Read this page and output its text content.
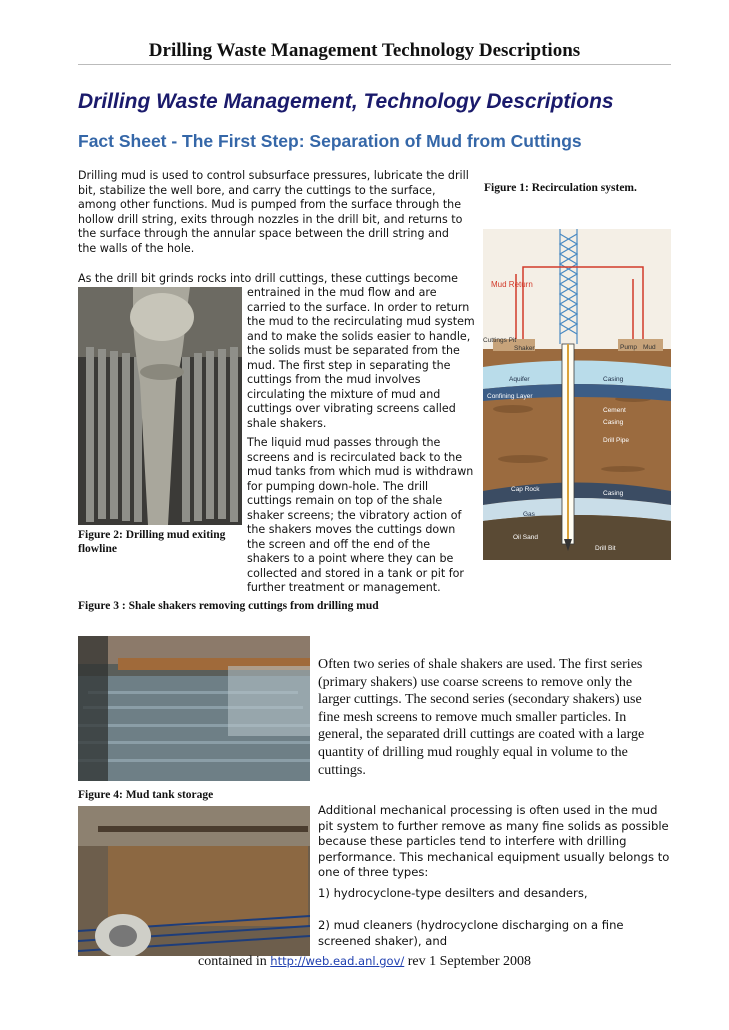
Drilling Waste Management Technology Descriptions
Drilling Waste Management, Technology Descriptions
Fact Sheet - The First Step: Separation of Mud from Cuttings
Drilling mud is used to control subsurface pressures, lubricate the drill bit, stabilize the well bore, and carry the cuttings to the surface, among other functions. Mud is pumped from the surface through the hollow drill string, exits through nozzles in the drill bit, and returns to the surface through the annular space between the drill string and the walls of the hole.
As the drill bit grinds rocks into drill cuttings, these cuttings become
Figure 1: Recirculation system.
Mud Return
Cuttings Pit
Shaker	Pump Mud
Aquifer	Casing
Confining Layer
Cement
Casing
Drill Pipe
Cap Rock
Casing
Gas
Oil Sand
Drill Bit
entrained in the mud flow and are carried to the surface. In order to return the mud to the recirculating mud system and to make the solids easier to handle, the solids must be separated from the mud. The first step in separating the cuttings from the mud involves circulating the mixture of mud and cuttings over vibrating screens called shale shakers.
The liquid mud passes through the screens and is recirculated back to the mud tanks from which mud is withdrawn for pumping down-hole. The drill cuttings remain on top of the shale shaker screens; the vibratory action of the shakers moves the cuttings down the screen and off the end of the shakers to a point where they can be collected and stored in a tank or pit for further treatment or management.
Figure 2: Drilling mud exiting flowline
Figure 3 : Shale shakers removing cuttings from drilling mud
Often two series of shale shakers are used. The first series (primary shakers) use coarse screens to remove only the larger cuttings. The second series (secondary shakers) use fine mesh screens to remove much smaller particles. In general, the separated drill cuttings are coated with a large quantity of drilling mud roughly equal in volume to the cuttings.
Figure 4: Mud tank storage
Additional mechanical processing is often used in the mud pit system to further remove as many fine solids as possible because these particles tend to interfere with drilling performance. This mechanical equipment usually belongs to one of three types:
1) hydrocyclone-type desilters and desanders,
2) mud cleaners (hydrocyclone discharging on a fine screened shaker), and
contained in http://web.ead.anl.gov/ rev 1 September 2008
